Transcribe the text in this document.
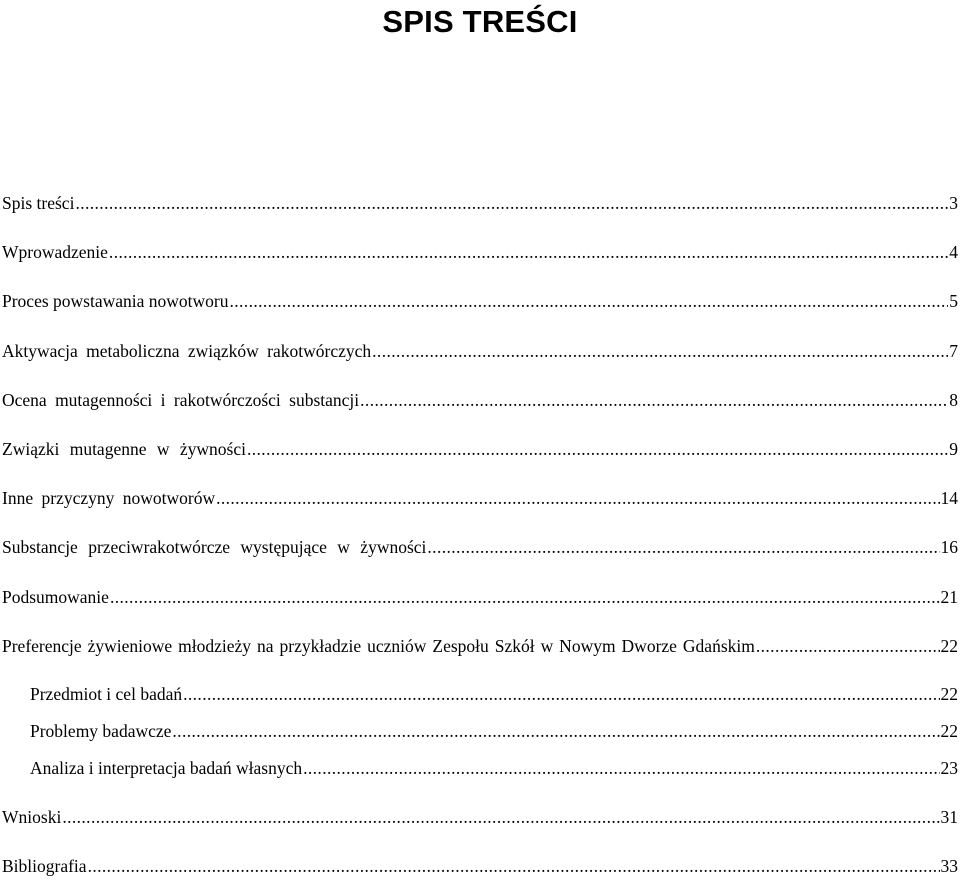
SPIS TREŚCI
Spis treści .....	3
Wprowadzenie .....	4
Proces powstawania nowotworu .....	5
Aktywacja metaboliczna związków rakotwórczych .....	7
Ocena mutagenności i rakotwórczości substancji .....	8
Związki mutagenne w żywności .....	9
Inne przyczyny nowotworów .....	14
Substancje przeciwrakotwórcze występujące w żywności .....	16
Podsumowanie .....	21
Preferencje żywieniowe młodzieży na przykładzie uczniów Zespołu Szkół w Nowym Dworze Gdańskim .....	22
Przedmiot i cel badań .....	22
Problemy badawcze .....	22
Analiza i interpretacja badań własnych .....	23
Wnioski .....	31
Bibliografia .....	33
